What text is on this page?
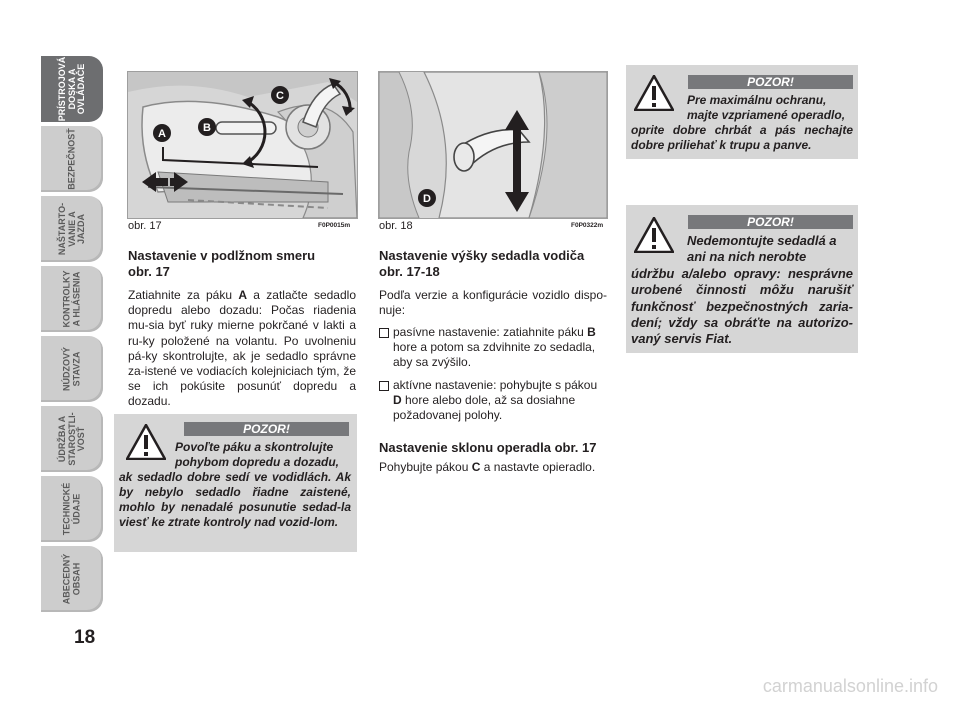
PRÍSTROJOVÁ
DOSKA A
OVLÁDAČE
BEZPEČNOSŤ
NAŠTARTO-
VANIE A
JAZDA
KONTROLKY
A HLÁSENIA
NÚDZOVÝ
STAVZA
ÚDRŽBA A
STAROSTLI-
VOSŤ
TECHNICKÉ
ÚDAJE
ABECEDNÝ
OBSAH
18
A	B
C
obr. 17	F0P0015m
D
obr. 18	F0P0322m
Nastavenie v podlžnom smeru
obr. 17
Zatiahnite za páku A a zatlačte sedadlo dopredu alebo dozadu: Počas riadenia mu-sia byť ruky mierne pokrčané v lakti a ru-ky položené na volantu. Po uvolneniu pá-ky skontrolujte, ak je sedadlo správne za-istené ve vodiacích kolejniciach tým, že se ich pokúsite posunúť dopredu a dozadu.
POZOR!
Povoľte páku a skontrolujte
pohybom dopredu a dozadu,
ak sedadlo dobre sedí ve vodidlách. Ak by nebylo sedadlo řiadne zaistené, mohlo by nenadalé posunutie sedad-la viesť ke ztrate kontroly nad vozid-lom.
Nastavenie výšky sedadla vodiča
obr. 17-18
Podľa verzie a konfigurácie vozidlo dispo-nuje:
pasívne nastavenie: zatiahnite páku B hore a potom sa zdvihnite zo sedadla, aby sa zvýšilo.
aktívne nastavenie: pohybujte s pákou D hore alebo dole, až sa dosiahne požadovanej polohy.
Nastavenie sklonu operadla obr. 17
Pohybujte pákou C a nastavte opieradlo.
POZOR!
Pre maximálnu ochranu,
majte vzpriamené operadlo,
oprite dobre chrbát a pás nechajte dobre priliehať k trupu a panve.
POZOR!
Nedemontujte sedadlá a
ani na nich nerobte
údržbu a/alebo opravy: nesprávne urobené činnosti môžu narušiť funkčnosť bezpečnostných zaria-dení; vždy sa obráťte na autorizo-vaný servis Fiat.
carmanualsonline.info
